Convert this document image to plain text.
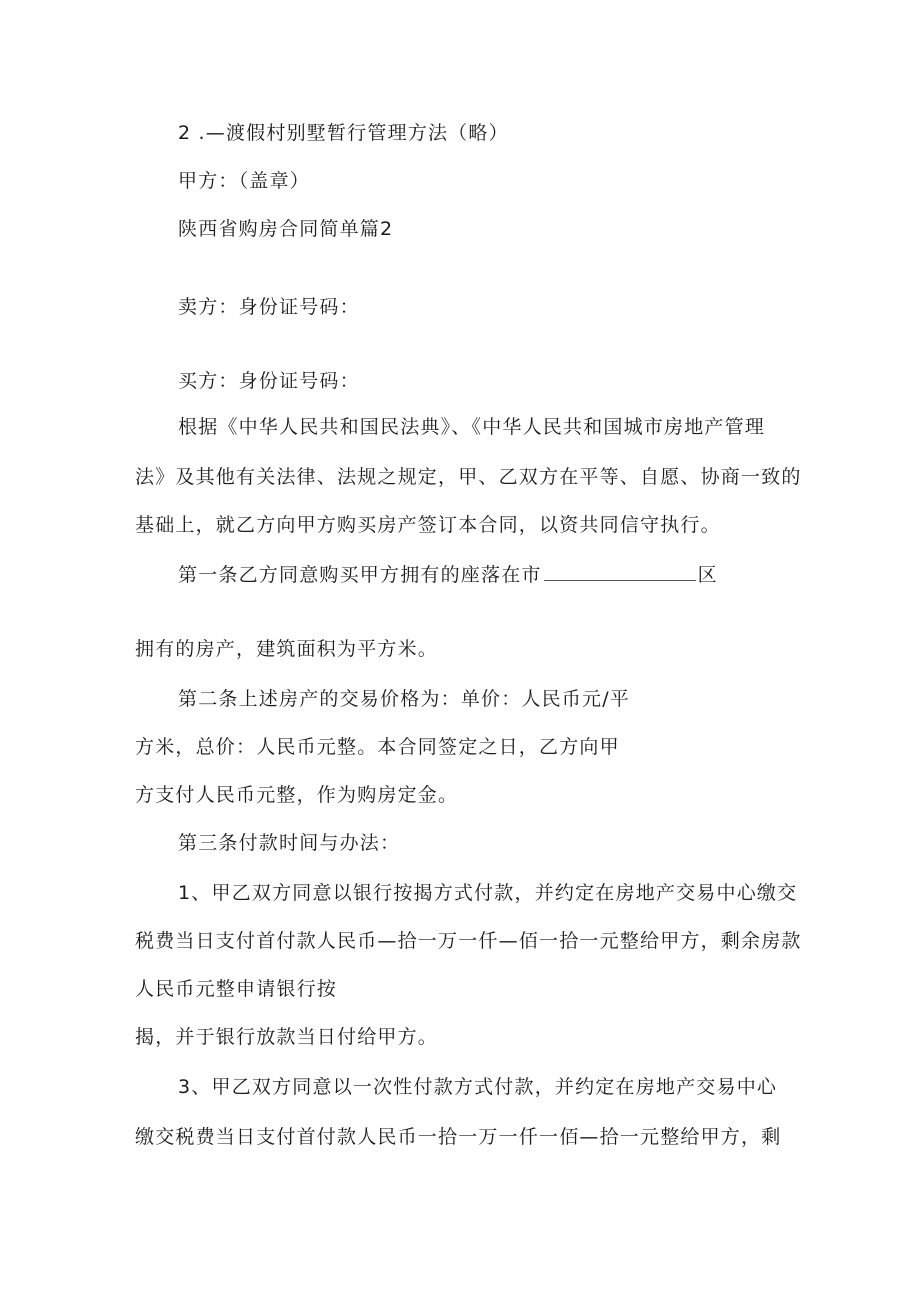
2 .—渡假村别墅暂行管理方法（略）
甲方：（盖章）
陕西省购房合同简单篇2
卖方：身份证号码：
买方：身份证号码：
根据《中华人民共和国民法典》、《中华人民共和国城市房地产管理
法》及其他有关法律、法规之规定，甲、乙双方在平等、自愿、协商一致的
基础上，就乙方向甲方购买房产签订本合同，以资共同信守执行。
第一条乙方同意购买甲方拥有的座落在市	区
拥有的房产，建筑面积为平方米。
第二条上述房产的交易价格为：单价：人民币元/平
方米，总价：人民币元整。本合同签定之日，乙方向甲
方支付人民币元整，作为购房定金。
第三条付款时间与办法：
1、甲乙双方同意以银行按揭方式付款，并约定在房地产交易中心缴交
税费当日支付首付款人民币—拾一万一仟—佰一拾一元整给甲方，剩余房款
人民币元整申请银行按
揭，并于银行放款当日付给甲方。
3、甲乙双方同意以一次性付款方式付款，并约定在房地产交易中心
缴交税费当日支付首付款人民币一拾一万一仟一佰—拾一元整给甲方，剩
